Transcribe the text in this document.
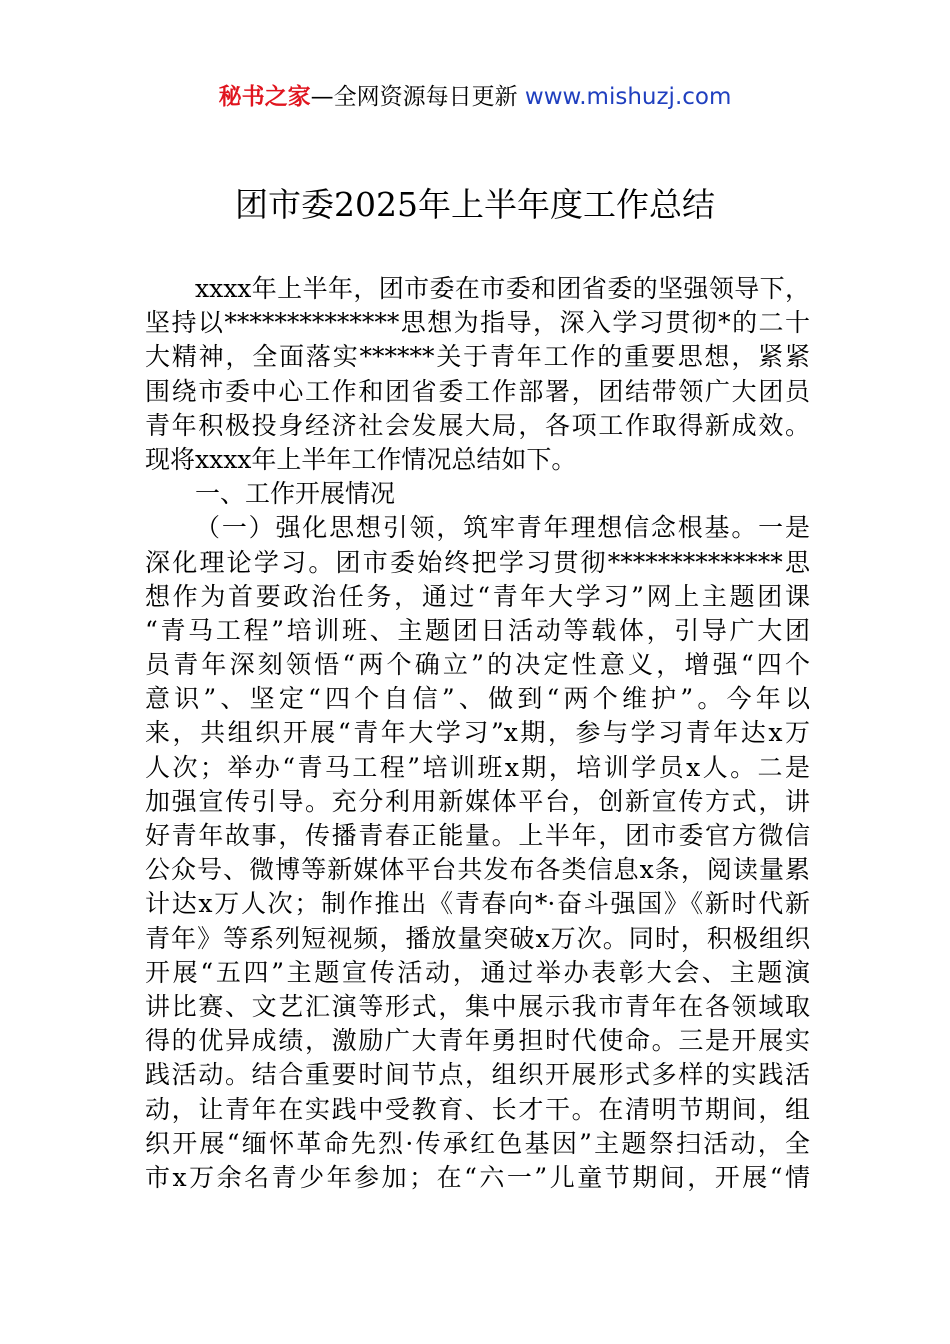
秘书之家—全网资源每日更新 www.mishuzj.com
团市委2025年上半年度工作总结
xxxx年上半年，团市委在市委和团省委的坚强领导下，
坚持以**************思想为指导，深入学习贯彻*的二十
大精神，全面落实******关于青年工作的重要思想，紧紧
围绕市委中心工作和团省委工作部署，团结带领广大团员
青年积极投身经济社会发展大局，各项工作取得新成效。
现将xxxx年上半年工作情况总结如下。
一、工作开展情况
（一）强化思想引领，筑牢青年理想信念根基。一是
深化理论学习。团市委始终把学习贯彻**************思
想作为首要政治任务，通过“青年大学习”网上主题团课
“青马工程”培训班、主题团日活动等载体，引导广大团
员青年深刻领悟“两个确立”的决定性意义，增强“四个
意识”、坚定“四个自信”、做到“两个维护”。今年以
来，共组织开展“青年大学习”x期，参与学习青年达x万
人次；举办“青马工程”培训班x期，培训学员x人。二是
加强宣传引导。充分利用新媒体平台，创新宣传方式，讲
好青年故事，传播青春正能量。上半年，团市委官方微信
公众号、微博等新媒体平台共发布各类信息x条，阅读量累
计达x万人次；制作推出《青春向*·奋斗强国》《新时代新
青年》等系列短视频，播放量突破x万次。同时，积极组织
开展“五四”主题宣传活动，通过举办表彰大会、主题演
讲比赛、文艺汇演等形式，集中展示我市青年在各领域取
得的优异成绩，激励广大青年勇担时代使命。三是开展实
践活动。结合重要时间节点，组织开展形式多样的实践活
动，让青年在实践中受教育、长才干。在清明节期间，组
织开展“缅怀革命先烈·传承红色基因”主题祭扫活动，全
市x万余名青少年参加；在“六一”儿童节期间，开展“情
